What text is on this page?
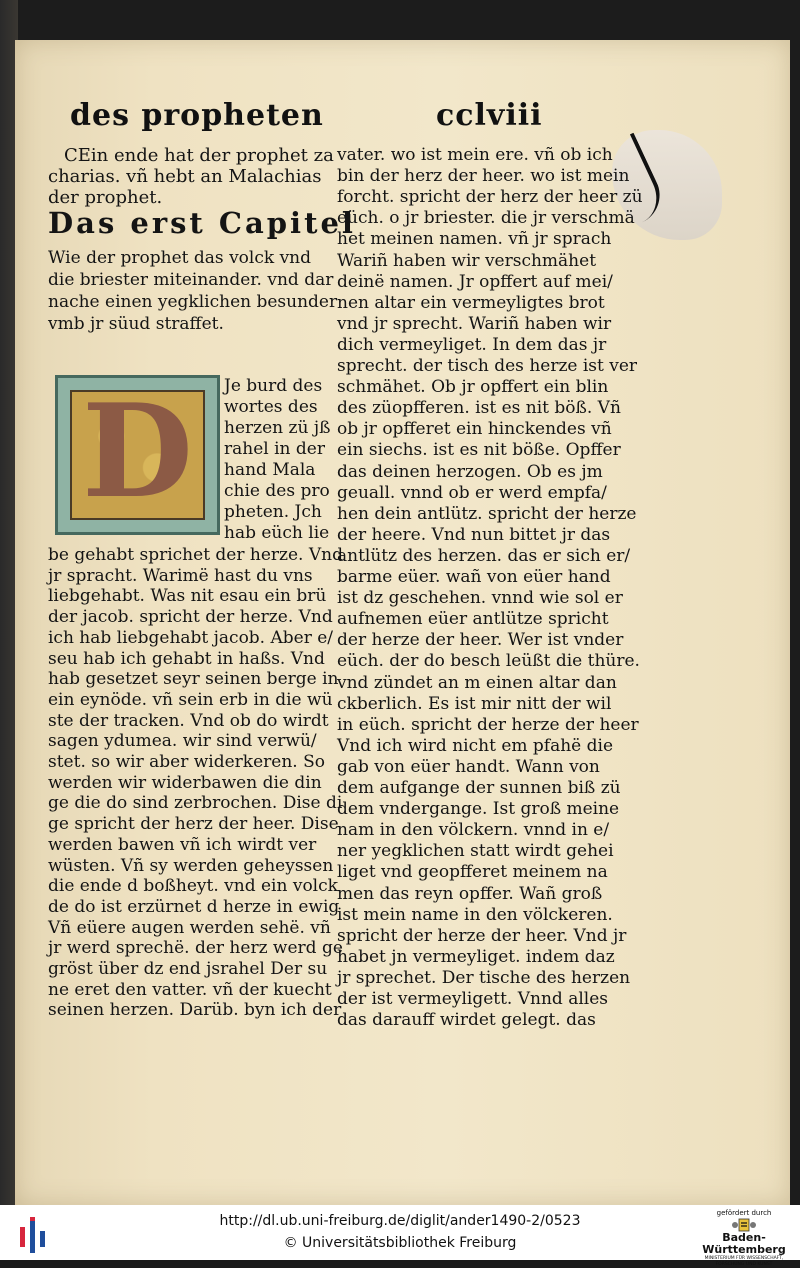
des propheten	cclviii
CEin ende hat der prophet za
charias. vñ hebt an Malachias
der prophet.
Das erst Capitel
Wie der prophet das volck vnd
die briester miteinander. vnd dar
nache einen yegklichen besunder
vmb jr süud straffet.
D	Je burd des
wortes des
herzen zü jß
rahel in der
hand Mala
chie des pro
pheten. Jch
hab eüch lie
be gehabt sprichet der herze. Vnd
jr spracht. Warimë hast du vns
liebgehabt. Was nit esau ein brü
der jacob. spricht der herze. Vnd
ich hab liebgehabt jacob. Aber e/
seu hab ich gehabt in haßs. Vnd
hab gesetzet seyr seinen berge in
ein eynöde. vñ sein erb in die wü
ste der tracken. Vnd ob do wirdt
sagen ydumea. wir sind verwü/
stet. so wir aber widerkeren. So
werden wir widerbawen die din
ge die do sind zerbrochen. Dise di
ge spricht der herz der heer. Dise
werden bawen vñ ich wirdt ver
wüsten. Vñ sy werden geheyssen
die ende d boßheyt. vnd ein volck
de do ist erzürnet d herze in ewig
Vñ eüere augen werden sehë. vñ
jr werd sprechë. der herz werd ge
gröst über dz end jsrahel Der su
ne eret den vatter. vñ der kuecht
seinen herzen. Darüb. byn ich der
vater. wo ist mein ere. vñ ob ich
bin der herz der heer. wo ist mein
forcht. spricht der herz der heer zü
eüch. o jr briester. die jr verschmä
het meinen namen. vñ jr sprach
Wariñ haben wir verschmähet
deinë namen. Jr opffert auf mei/
nen altar ein vermeyligtes brot
vnd jr sprecht. Wariñ haben wir
dich vermeyliget. In dem das jr
sprecht. der tisch des herze ist ver
schmähet. Ob jr opffert ein blin
des züopfferen. ist es nit böß. Vñ
ob jr opfferet ein hinckendes vñ
ein siechs. ist es nit böße. Opffer
das deinen herzogen. Ob es jm
geuall. vnnd ob er werd empfa/
hen dein antlütz. spricht der herze
der heere. Vnd nun bittet jr das
antlütz des herzen. das er sich er/
barme eüer. wañ von eüer hand
ist dz geschehen. vnnd wie sol er
aufnemen eüer antlütze spricht
der herze der heer. Wer ist vnder
eüch. der do besch leüßt die thüre.
vnd zündet an m einen altar dan
ckberlich. Es ist mir nitt der wil
in eüch. spricht der herze der heer
Vnd ich wird nicht em pfahë die
gab von eüer handt. Wann von
dem aufgange der sunnen biß zü
dem vndergange. Ist groß meine
nam in den völckern. vnnd in e/
ner yegklichen statt wirdt gehei
liget vnd geopfferet meinem na
men das reyn opffer. Wañ groß
ist mein name in den völckeren.
spricht der herze der heer. Vnd jr
habet jn vermeyliget. indem daz
jr sprechet. Der tische des herzen
der ist vermeyligett. Vnnd alles
das darauff wirdet gelegt. das
http://dl.ub.uni-freiburg.de/diglit/ander1490-2/0523
© Universitätsbibliothek Freiburg
gefördert durch
Baden-Württemberg
MINISTERIUM FÜR WISSENSCHAFT, FORSCHUNG UND KUNST
